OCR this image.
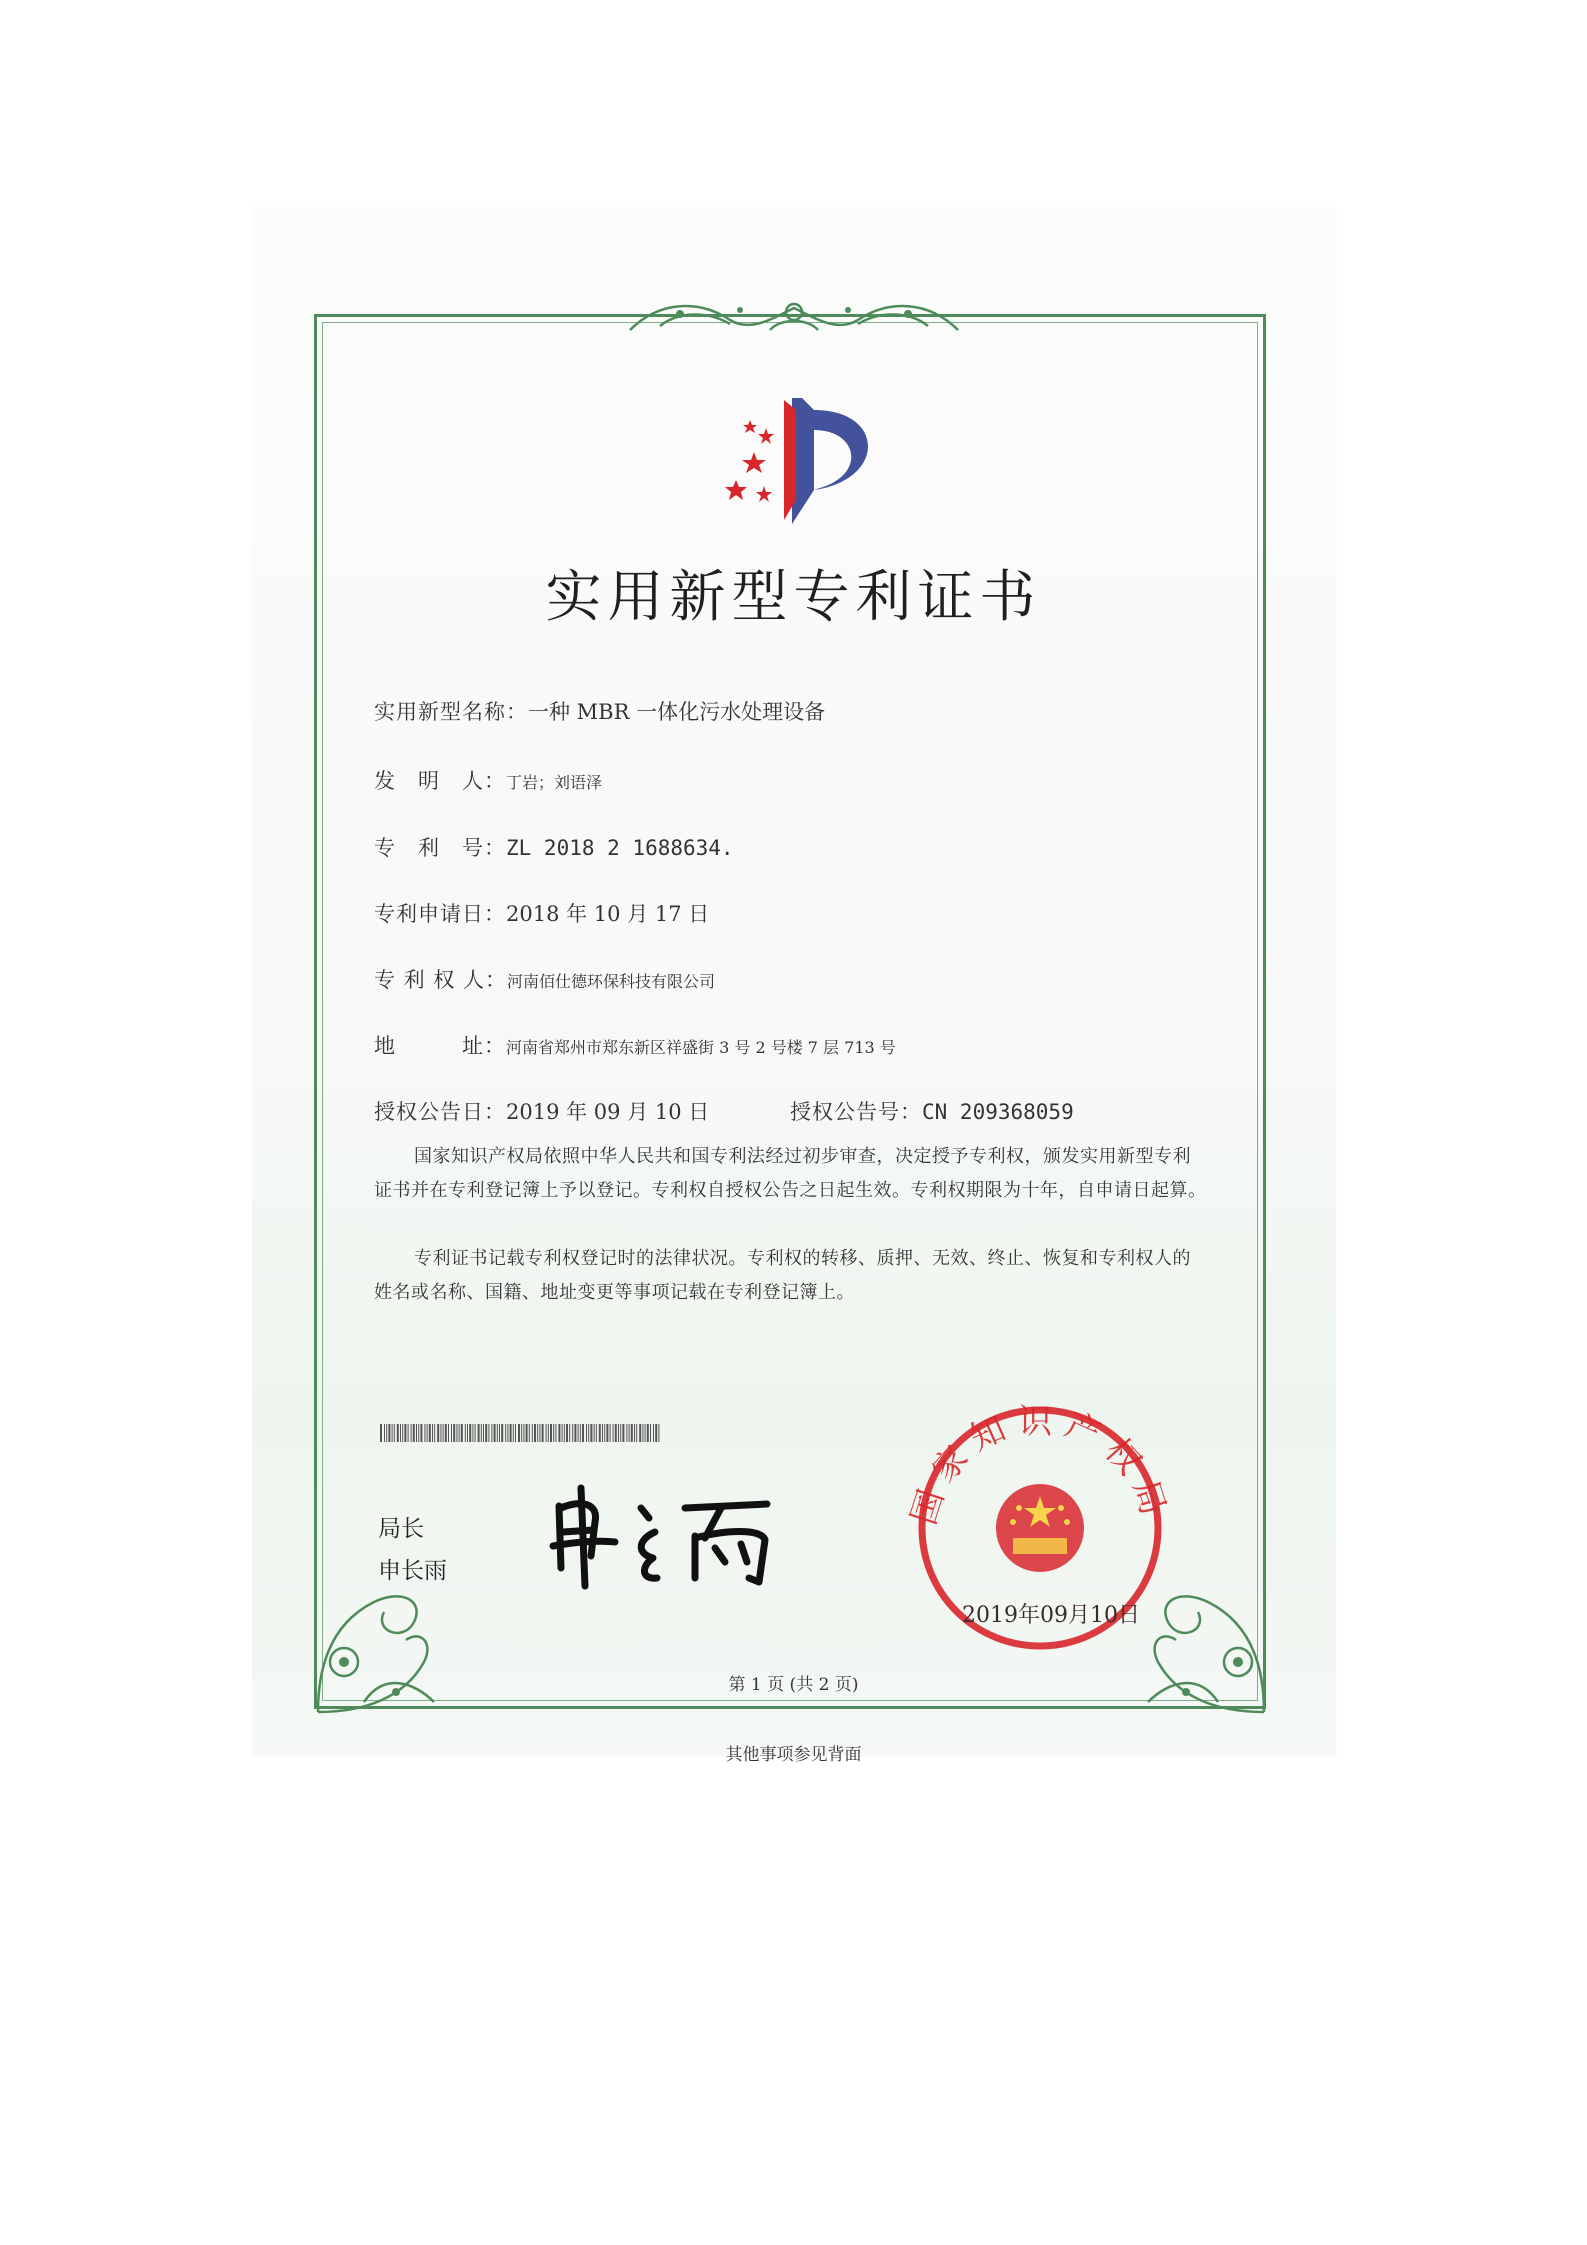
实用新型专利证书
实用新型名称：一种 MBR 一体化污水处理设备
发　明　人：丁岩；刘语泽
专　利　号：ZL 2018 2 1688634.
专利申请日：2018 年 10 月 17 日
专 利 权 人：河南佰仕德环保科技有限公司
地　　　址：河南省郑州市郑东新区祥盛街 3 号 2 号楼 7 层 713 号
授权公告日：2019 年 09 月 10 日	授权公告号：CN 209368059
国家知识产权局依照中华人民共和国专利法经过初步审查，决定授予专利权，颁发实用新型专利证书并在专利登记簿上予以登记。专利权自授权公告之日起生效。专利权期限为十年，自申请日起算。
专利证书记载专利权登记时的法律状况。专利权的转移、质押、无效、终止、恢复和专利权人的姓名或名称、国籍、地址变更等事项记载在专利登记簿上。
局长
申长雨
国家知识产权局
2019年09月10日
第 1 页 (共 2 页)
其他事项参见背面
